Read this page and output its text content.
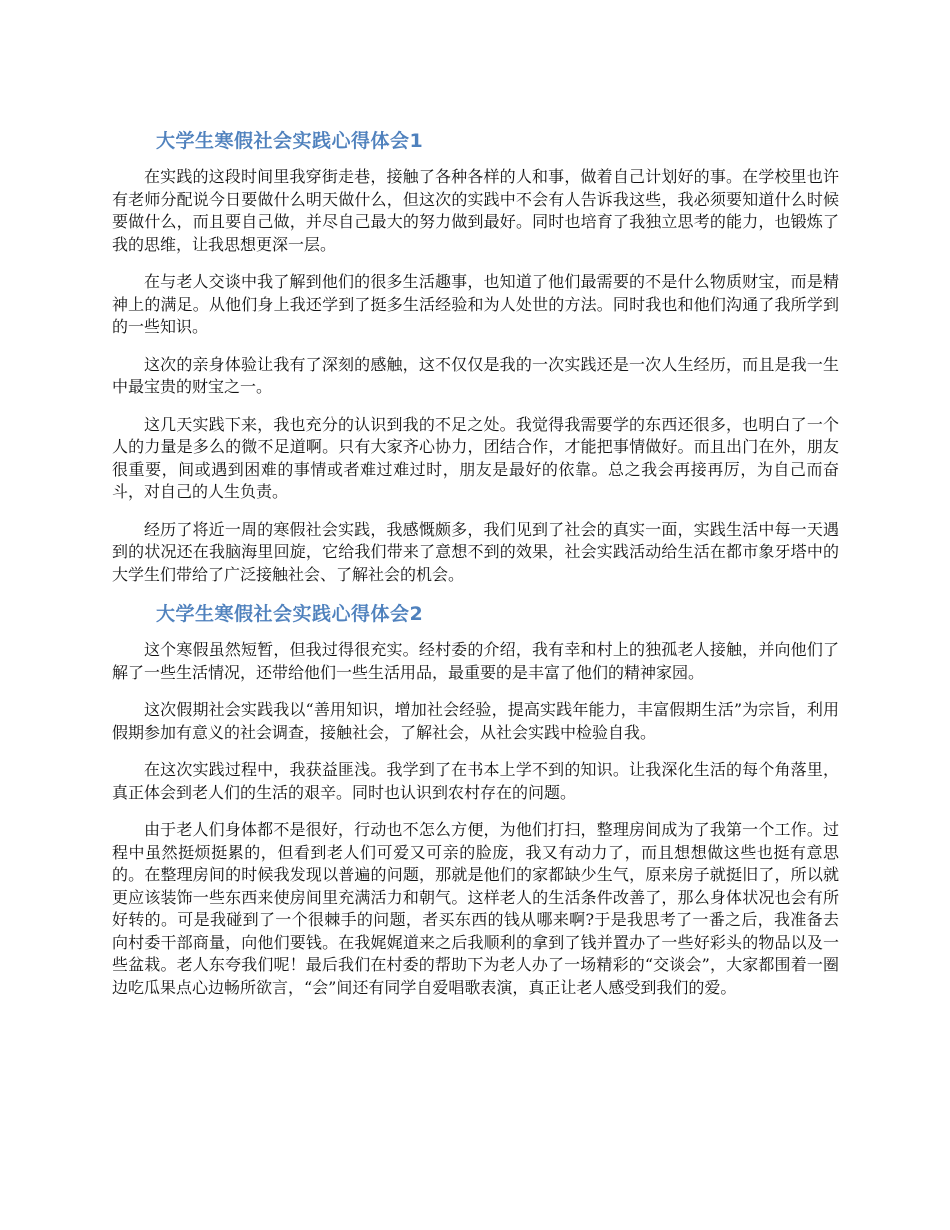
大学生寒假社会实践心得体会1

在实践的这段时间里我穿街走巷，接触了各种各样的人和事，做着自己计划好的事。在学校里也许有老师分配说今日要做什么明天做什么，但这次的实践中不会有人告诉我这些，我必须要知道什么时候要做什么，而且要自己做，并尽自己最大的努力做到最好。同时也培育了我独立思考的能力，也锻炼了我的思维，让我思想更深一层。

在与老人交谈中我了解到他们的很多生活趣事，也知道了他们最需要的不是什么物质财宝，而是精神上的满足。从他们身上我还学到了挺多生活经验和为人处世的方法。同时我也和他们沟通了我所学到的一些知识。

这次的亲身体验让我有了深刻的感触，这不仅仅是我的一次实践还是一次人生经历，而且是我一生中最宝贵的财宝之一。

这几天实践下来，我也充分的认识到我的不足之处。我觉得我需要学的东西还很多，也明白了一个人的力量是多么的微不足道啊。只有大家齐心协力，团结合作，才能把事情做好。而且出门在外，朋友很重要，间或遇到困难的事情或者难过难过时，朋友是最好的依靠。总之我会再接再厉，为自己而奋斗，对自己的人生负责。

经历了将近一周的寒假社会实践，我感慨颇多，我们见到了社会的真实一面，实践生活中每一天遇到的状况还在我脑海里回旋，它给我们带来了意想不到的效果，社会实践活动给生活在都市象牙塔中的大学生们带给了广泛接触社会、了解社会的机会。

大学生寒假社会实践心得体会2

这个寒假虽然短暂，但我过得很充实。经村委的介绍，我有幸和村上的独孤老人接触，并向他们了解了一些生活情况，还带给他们一些生活用品，最重要的是丰富了他们的精神家园。

这次假期社会实践我以“善用知识，增加社会经验，提高实践年能力，丰富假期生活”为宗旨，利用假期参加有意义的社会调查，接触社会，了解社会，从社会实践中检验自我。

在这次实践过程中，我获益匪浅。我学到了在书本上学不到的知识。让我深化生活的每个角落里，真正体会到老人们的生活的艰辛。同时也认识到农村存在的问题。

由于老人们身体都不是很好，行动也不怎么方便，为他们打扫，整理房间成为了我第一个工作。过程中虽然挺烦挺累的，但看到老人们可爱又可亲的脸庞，我又有动力了，而且想想做这些也挺有意思的。在整理房间的时候我发现以普遍的问题，那就是他们的家都缺少生气，原来房子就挺旧了，所以就更应该装饰一些东西来使房间里充满活力和朝气。这样老人的生活条件改善了，那么身体状况也会有所好转的。可是我碰到了一个很棘手的问题，者买东西的钱从哪来啊?于是我思考了一番之后，我准备去向村委干部商量，向他们要钱。在我娓娓道来之后我顺利的拿到了钱并置办了一些好彩头的物品以及一些盆栽。老人东夸我们呢！最后我们在村委的帮助下为老人办了一场精彩的“交谈会”，大家都围着一圈边吃瓜果点心边畅所欲言，“会”间还有同学自爱唱歌表演，真正让老人感受到我们的爱。
